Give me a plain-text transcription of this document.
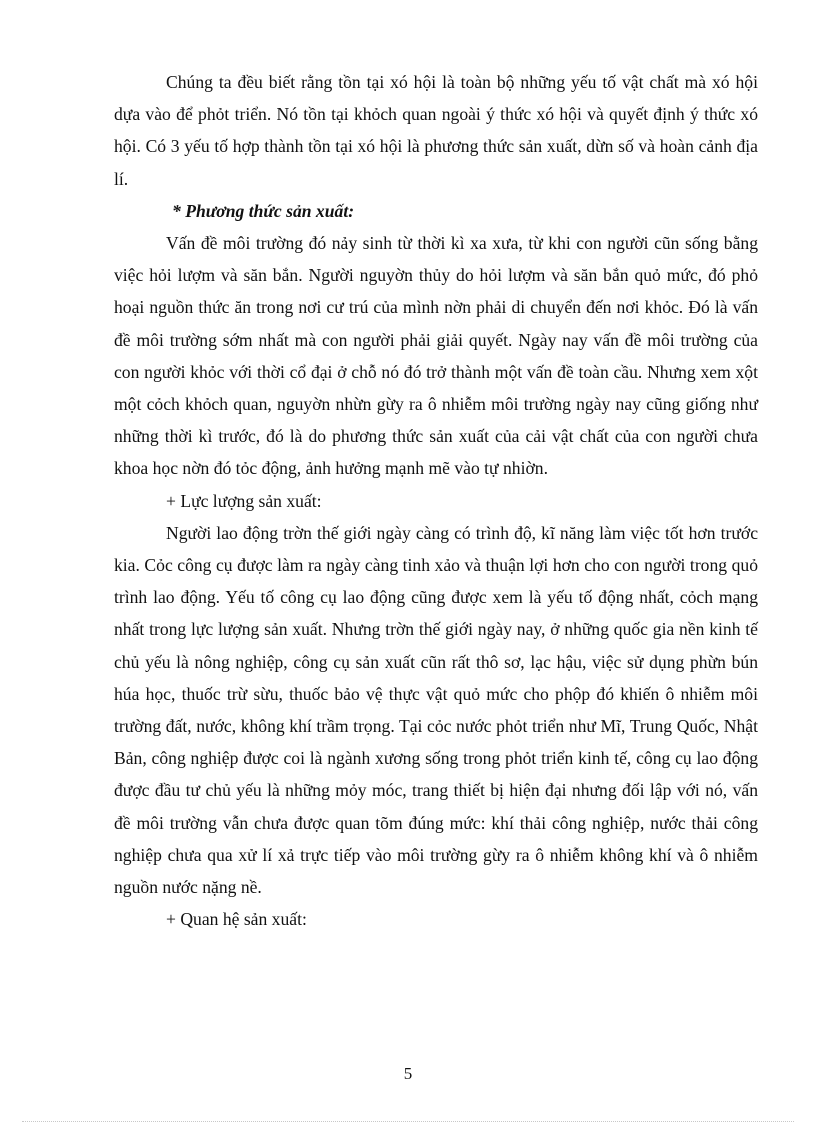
Chúng ta đều biết rằng tồn tại xó hội là toàn bộ những yếu tố vật chất mà xó hội dựa vào để phỏt triển. Nó tồn tại khỏch quan ngoài ý thức xó hội và quyết định ý thức xó hội. Có 3 yếu tố hợp thành tồn tại xó hội là phương thức sản xuất, dừn số và hoàn cảnh địa lí.

* Phương thức sản xuất:

Vấn đề môi trường đó nảy sinh từ thời kì xa xưa, từ khi con người cũn sống bằng việc hỏi lượm và săn bắn. Người nguyờn thủy do hỏi lượm và săn bắn quỏ mức, đó phỏ hoại nguồn thức ăn trong nơi cư trú của mình nờn phải di chuyển đến nơi khỏc. Đó là vấn đề môi trường sớm nhất mà con người phải giải quyết. Ngày nay vấn đề môi trường của con người khỏc với thời cổ đại ở chỗ nó đó trở thành một vấn đề toàn cầu. Nhưng xem xột một cỏch khỏch quan, nguyờn nhừn gừy ra ô nhiễm môi trường ngày nay cũng giống như những thời kì trước, đó là do phương thức sản xuất của cải vật chất của con người chưa khoa học nờn đó tỏc động, ảnh hưởng mạnh mẽ vào tự nhiờn.

+ Lực lượng sản xuất:

Người lao động trờn thế giới ngày càng có trình độ, kĩ năng làm việc tốt hơn trước kia. Cỏc công cụ được làm ra ngày càng tinh xảo và thuận lợi hơn cho con người trong quỏ trình lao động. Yếu tố công cụ lao động cũng được xem là yếu tố động nhất, cỏch mạng nhất trong lực lượng sản xuất. Nhưng trờn thế giới ngày nay, ở những quốc gia nền kinh tế chủ yếu là nông nghiệp, công cụ sản xuất cũn rất thô sơ, lạc hậu, việc sử dụng phừn bún húa học, thuốc trừ sừu, thuốc bảo vệ thực vật quỏ mức cho phộp đó khiến ô nhiễm môi trường đất, nước, không khí trầm trọng. Tại cỏc nước phỏt triển như Mĩ, Trung Quốc, Nhật Bản, công nghiệp được coi là ngành xương sống trong phỏt triển kinh tế, công cụ lao động được đầu tư chủ yếu là những mỏy móc, trang thiết bị hiện đại nhưng đối lập với nó, vấn đề môi trường vẫn chưa được quan tõm đúng mức: khí thải công nghiệp, nước thải công nghiệp chưa qua xử lí xả trực tiếp vào môi trường gừy ra ô nhiễm không khí và ô nhiễm nguồn nước nặng nề.

+ Quan hệ sản xuất:

5
